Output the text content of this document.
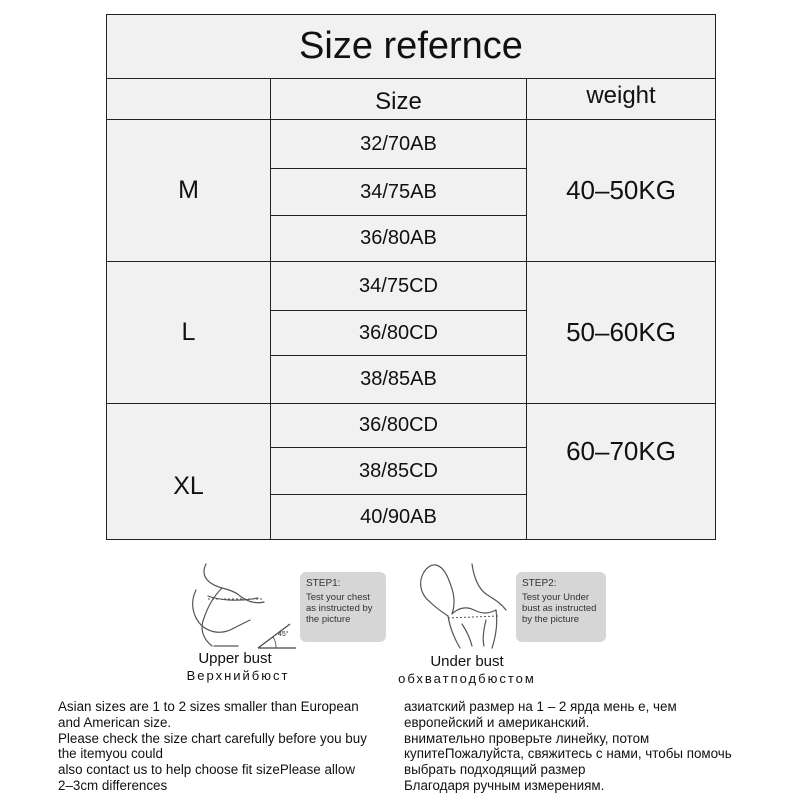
Size refernce
Size	weight
M
32/70AB
34/75AB
36/80AB
40–50KG
L
34/75CD
36/80CD
38/85AB
50–60KG
XL
36/80CD
38/85CD
40/90AB
60–70KG
45°
STEP1:
Test your chest as instructed by the picture
Upper bust
Верхнийбюст
STEP2:
Test your Under bust as instructed by the picture
Under bust
обхватподбюстом
Asian sizes are 1 to 2 sizes smaller than European
and American size.
Please check the size chart carefully before you buy
the itemyou could
also contact us to help choose fit sizePlease allow
2–3cm differences
азиатский размер на 1 – 2 ярда мень е, чем
европейский и американский.
внимательно проверьте линейку, потом
купитеПожалуйста, свяжитесь с нами, чтобы помочь
выбрать подходящий размер
Благодаря ручным измерениям.
